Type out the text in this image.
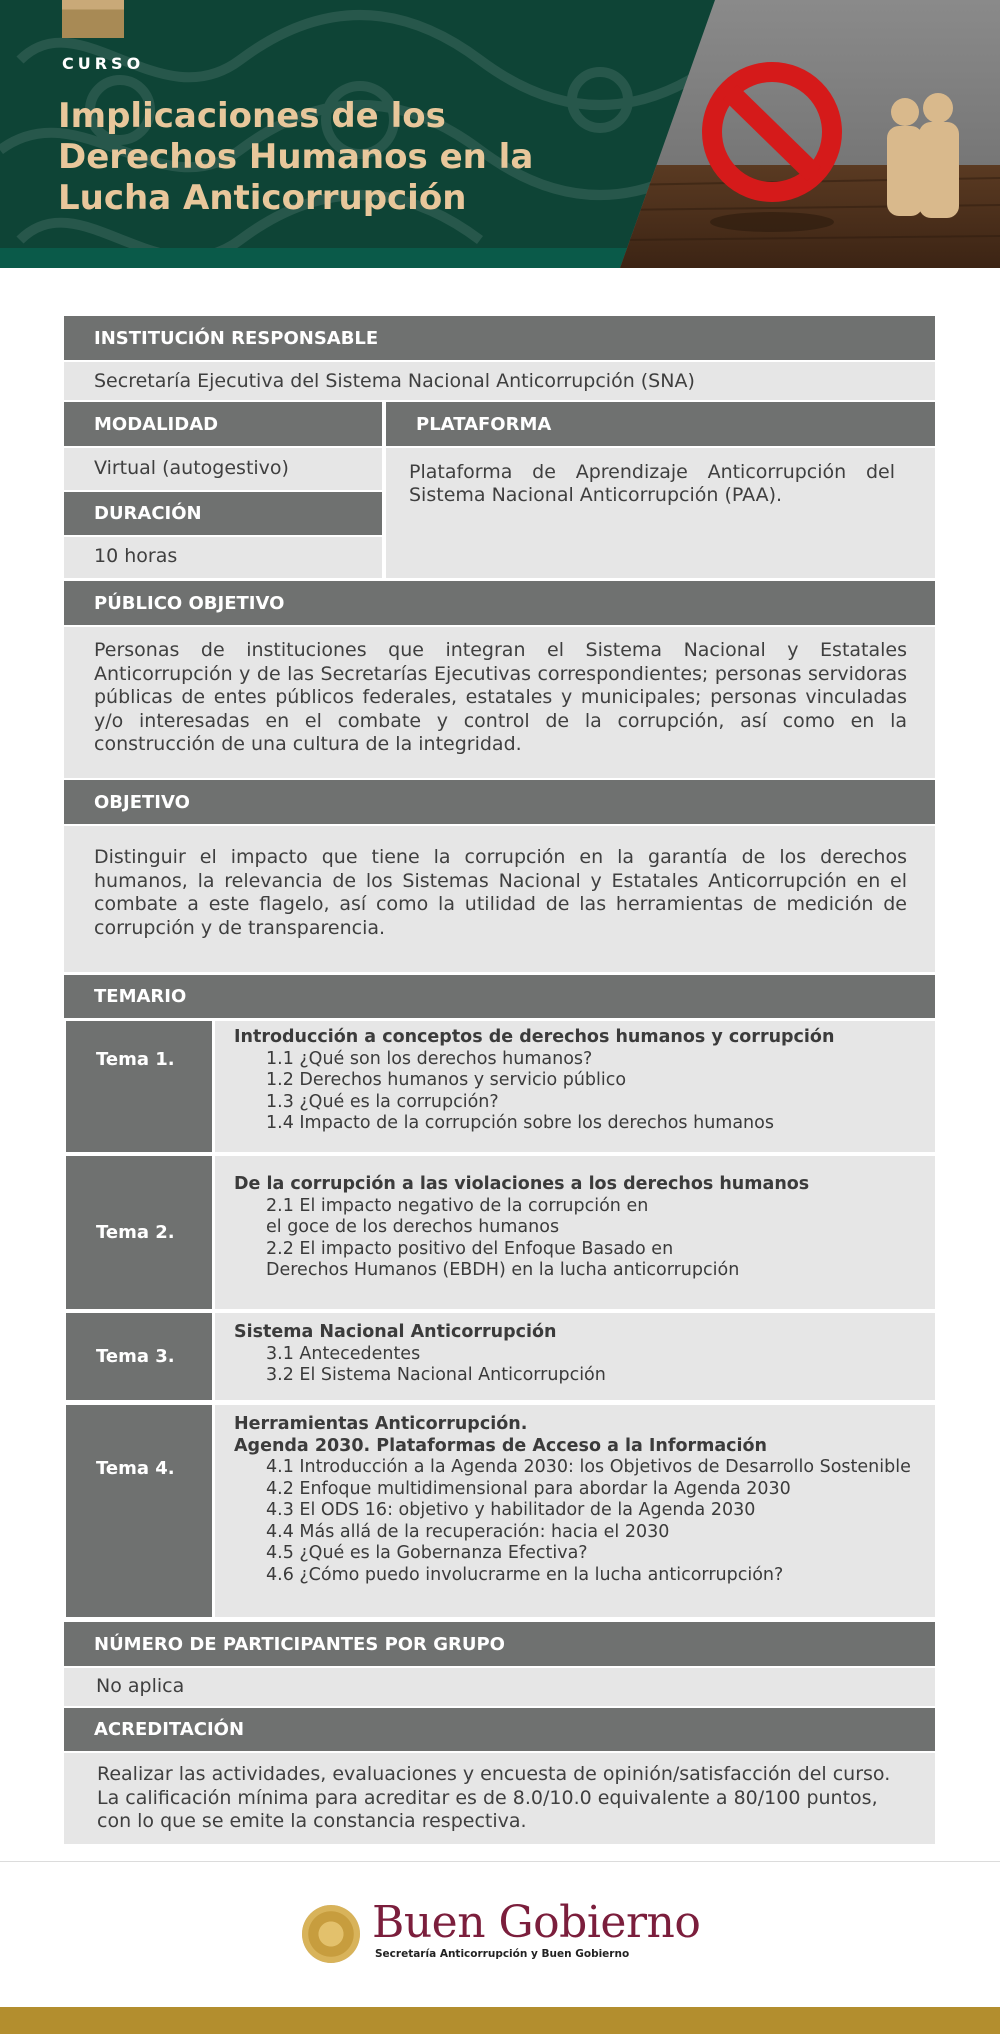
CURSO
Implicaciones de los Derechos Humanos en la Lucha Anticorrupción
INSTITUCIÓN RESPONSABLE
Secretaría Ejecutiva del Sistema Nacional Anticorrupción (SNA)
MODALIDAD
Virtual (autogestivo)
DURACIÓN
10 horas
PLATAFORMA
Plataforma de Aprendizaje Anticorrupción del Sistema Nacional Anticorrupción (PAA).
PÚBLICO OBJETIVO
Personas de instituciones que integran el Sistema Nacional y Estatales Anticorrupción y de las Secretarías Ejecutivas correspondientes; personas servidoras públicas de entes públicos federales, estatales y municipales; personas vinculadas y/o interesadas en el combate y control de la corrupción, así como en la construcción de una cultura de la integridad.
OBJETIVO
Distinguir el impacto que tiene la corrupción en la garantía de los derechos humanos, la relevancia de los Sistemas Nacional y Estatales Anticorrupción en el combate a este flagelo, así como la utilidad de las herramientas de medición de corrupción y de transparencia.
TEMARIO
Tema 1.
Introducción a conceptos de derechos humanos y corrupción
1.1 ¿Qué son los derechos humanos?
1.2 Derechos humanos y servicio público
1.3 ¿Qué es la corrupción?
1.4 Impacto de la corrupción sobre los derechos humanos
Tema 2.
De la corrupción a las violaciones a los derechos humanos
2.1 El impacto negativo de la corrupción en
el goce de los derechos humanos
2.2 El impacto positivo del Enfoque Basado en
Derechos Humanos (EBDH) en la lucha anticorrupción
Tema 3.
Sistema Nacional Anticorrupción
3.1 Antecedentes
3.2 El Sistema Nacional Anticorrupción
Tema 4.
Herramientas Anticorrupción.
Agenda 2030. Plataformas de Acceso a la Información
4.1 Introducción a la Agenda 2030: los Objetivos de Desarrollo Sostenible
4.2 Enfoque multidimensional para abordar la Agenda 2030
4.3 El ODS 16: objetivo y habilitador de la Agenda 2030
4.4 Más allá de la recuperación: hacia el 2030
4.5 ¿Qué es la Gobernanza Efectiva?
4.6 ¿Cómo puedo involucrarme en la lucha anticorrupción?
NÚMERO DE PARTICIPANTES POR GRUPO
No aplica
ACREDITACIÓN
Realizar las actividades, evaluaciones y encuesta de opinión/satisfacción del curso. La calificación mínima para acreditar es de 8.0/10.0 equivalente a 80/100 puntos, con lo que se emite la constancia respectiva.
Buen Gobierno
Secretaría Anticorrupción y Buen Gobierno
